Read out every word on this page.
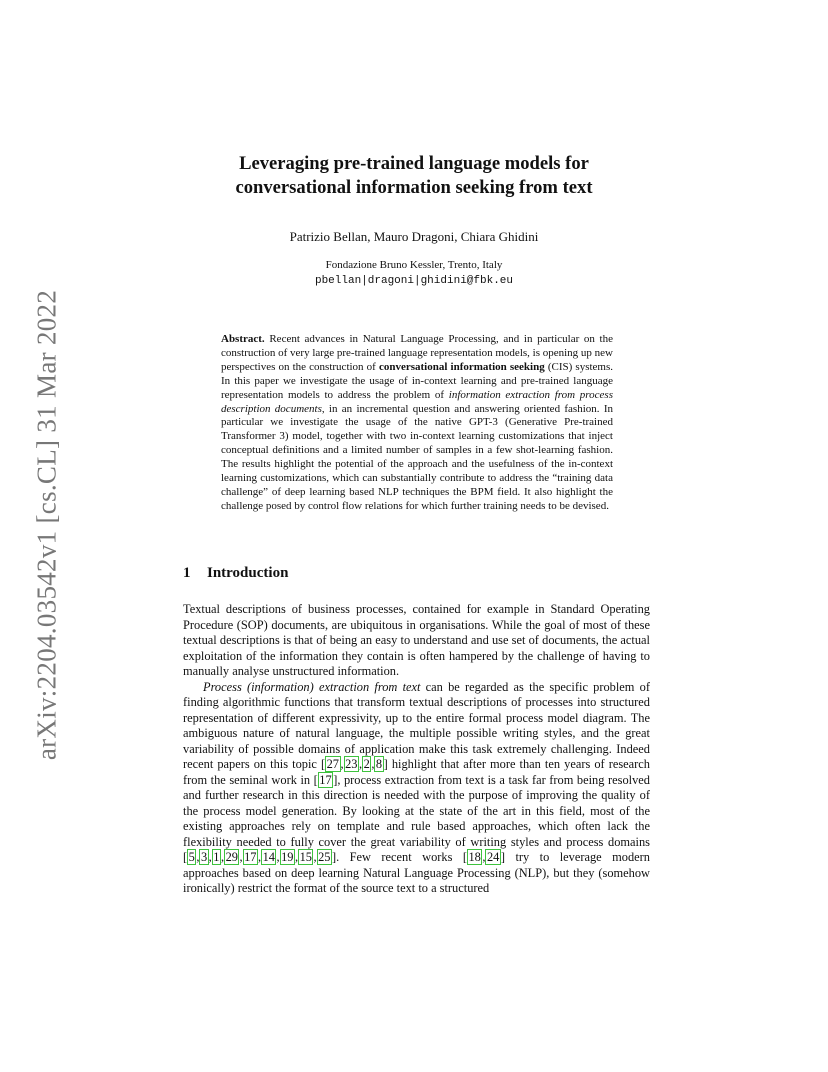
arXiv:2204.03542v1 [cs.CL] 31 Mar 2022
Leveraging pre-trained language models for
conversational information seeking from text

Patrizio Bellan, Mauro Dragoni, Chiara Ghidini

Fondazione Bruno Kessler, Trento, Italy
pbellan|dragoni|ghidini@fbk.eu

Abstract. Recent advances in Natural Language Processing, and in particular on the construction of very large pre-trained language representation models, is opening up new perspectives on the construction of conversational information seeking (CIS) systems. In this paper we investigate the usage of in-context learning and pre-trained language representation models to address the problem of information extraction from process description documents, in an incremental question and answering oriented fashion. In particular we investigate the usage of the native GPT-3 (Generative Pre-trained Transformer 3) model, together with two in-context learning customizations that inject conceptual definitions and a limited number of samples in a few shot-learning fashion. The results highlight the potential of the approach and the usefulness of the in-context learning customizations, which can substantially contribute to address the “training data challenge” of deep learning based NLP techniques the BPM field. It also highlight the challenge posed by control flow relations for which further training needs to be devised.

1 Introduction

Textual descriptions of business processes, contained for example in Standard Operating Procedure (SOP) documents, are ubiquitous in organisations. While the goal of most of these textual descriptions is that of being an easy to understand and use set of documents, the actual exploitation of the information they contain is often hampered by the challenge of having to manually analyse unstructured information.

Process (information) extraction from text can be regarded as the specific problem of finding algorithmic functions that transform textual descriptions of processes into structured representation of different expressivity, up to the entire formal process model diagram. The ambiguous nature of natural language, the multiple possible writing styles, and the great variability of possible domains of application make this task extremely challenging. Indeed recent papers on this topic [ 27 , 23 , 2 , 8 ] highlight that after more than ten years of research from the seminal work in [ 17 ], process extraction from text is a task far from being resolved and further research in this direction is needed with the purpose of improving the quality of the process model generation. By looking at the state of the art in this field, most of the existing approaches rely on template and rule based approaches, which often lack the flexibility needed to fully cover the great variability of writing styles and process domains [ 5 , 3 , 1 , 29 , 17 , 14 , 19 , 15 , 25 ]. Few recent works [ 18 , 24 ] try to leverage modern approaches based on deep learning Natural Language Processing (NLP), but they (somehow ironically) restrict the format of the source text to a structured
